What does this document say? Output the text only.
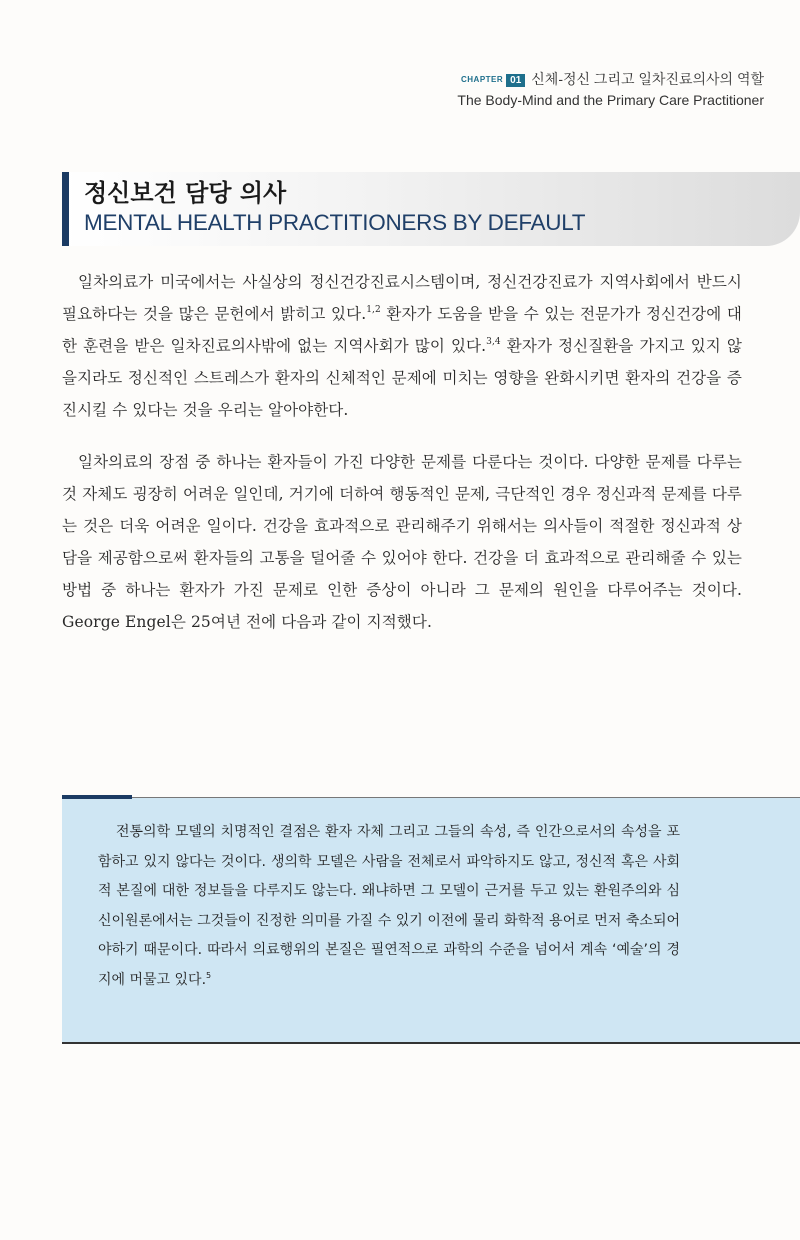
CHAPTER 01 신체-정신 그리고 일차진료의사의 역할
The Body-Mind and the Primary Care Practitioner
정신보건 담당 의사
MENTAL HEALTH PRACTITIONERS BY DEFAULT

일차의료가 미국에서는 사실상의 정신건강진료시스템이며, 정신건강진료가 지역사회에서 반드시 필요하다는 것을 많은 문헌에서 밝히고 있다.$^{1,2}$ 환자가 도움을 받을 수 있는 전문가가 정신건강에 대한 훈련을 받은 일차진료의사밖에 없는 지역사회가 많이 있다.$^{3,4}$ 환자가 정신질환을 가지고 있지 않을지라도 정신적인 스트레스가 환자의 신체적인 문제에 미치는 영향을 완화시키면 환자의 건강을 증진시킬 수 있다는 것을 우리는 알아야한다.

일차의료의 장점 중 하나는 환자들이 가진 다양한 문제를 다룬다는 것이다. 다양한 문제를 다루는 것 자체도 굉장히 어려운 일인데, 거기에 더하여 행동적인 문제, 극단적인 경우 정신과적 문제를 다루는 것은 더욱 어려운 일이다. 건강을 효과적으로 관리해주기 위해서는 의사들이 적절한 정신과적 상담을 제공함으로써 환자들의 고통을 덜어줄 수 있어야 한다. 건강을 더 효과적으로 관리해줄 수 있는 방법 중 하나는 환자가 가진 문제로 인한 증상이 아니라 그 문제의 원인을 다루어주는 것이다. George Engel은 25여년 전에 다음과 같이 지적했다.

전통의학 모델의 치명적인 결점은 환자 자체 그리고 그들의 속성, 즉 인간으로서의 속성을 포함하고 있지 않다는 것이다. 생의학 모델은 사람을 전체로서 파악하지도 않고, 정신적 혹은 사회적 본질에 대한 정보들을 다루지도 않는다. 왜냐하면 그 모델이 근거를 두고 있는 환원주의와 심신이원론에서는 그것들이 진정한 의미를 가질 수 있기 이전에 물리 화학적 용어로 먼저 축소되어야하기 때문이다. 따라서 의료행위의 본질은 필연적으로 과학의 수준을 넘어서 계속 ‘예술’의 경지에 머물고 있다.$^5$
